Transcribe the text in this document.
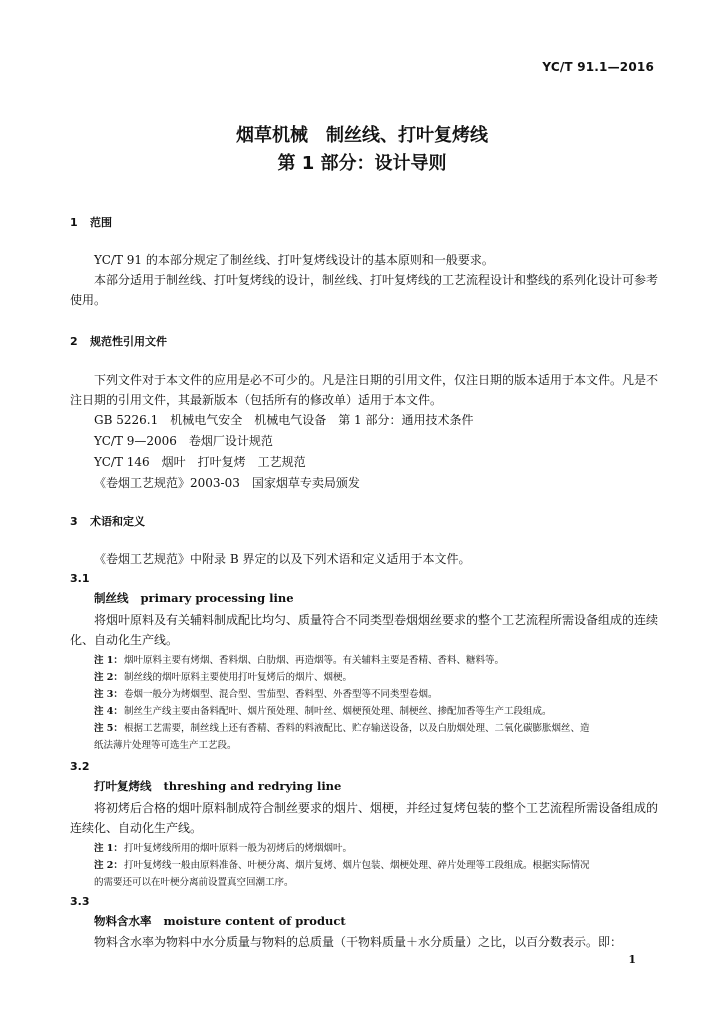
YC/T 91.1—2016
烟草机械　制丝线、打叶复烤线
第 1 部分：设计导则
1 范围
YC/T 91 的本部分规定了制丝线、打叶复烤线设计的基本原则和一般要求。
本部分适用于制丝线、打叶复烤线的设计，制丝线、打叶复烤线的工艺流程设计和整线的系列化设计可参考使用。
2 规范性引用文件
下列文件对于本文件的应用是必不可少的。凡是注日期的引用文件，仅注日期的版本适用于本文件。凡是不注日期的引用文件，其最新版本（包括所有的修改单）适用于本文件。
GB 5226.1　机械电气安全　机械电气设备　第 1 部分：通用技术条件
YC/T 9—2006　卷烟厂设计规范
YC/T 146　烟叶　打叶复烤　工艺规范
《卷烟工艺规范》2003-03　国家烟草专卖局颁发
3 术语和定义
《卷烟工艺规范》中附录 B 界定的以及下列术语和定义适用于本文件。
3.1
制丝线 primary processing line
将烟叶原料及有关辅料制成配比均匀、质量符合不同类型卷烟烟丝要求的整个工艺流程所需设备组成的连续化、自动化生产线。
注 1：烟叶原料主要有烤烟、香料烟、白肋烟、再造烟等。有关辅料主要是香精、香料、糖料等。
注 2：制丝线的烟叶原料主要使用打叶复烤后的烟片、烟梗。
注 3：卷烟一般分为烤烟型、混合型、雪茄型、香料型、外香型等不同类型卷烟。
注 4：制丝生产线主要由备料配叶、烟片预处理、制叶丝、烟梗预处理、制梗丝、掺配加香等生产工段组成。
注 5：根据工艺需要，制丝线上还有香精、香料的料液配比、贮存输送设备，以及白肋烟处理、二氧化碳膨胀烟丝、造
纸法薄片处理等可选生产工艺段。
3.2
打叶复烤线 threshing and redrying line
将初烤后合格的烟叶原料制成符合制丝要求的烟片、烟梗，并经过复烤包装的整个工艺流程所需设备组成的连续化、自动化生产线。
注 1：打叶复烤线所用的烟叶原料一般为初烤后的烤烟烟叶。
注 2：打叶复烤线一般由原料准备、叶梗分离、烟片复烤、烟片包装、烟梗处理、碎片处理等工段组成。根据实际情况
的需要还可以在叶梗分离前设置真空回潮工序。
3.3
物料含水率 moisture content of product
物料含水率为物料中水分质量与物料的总质量（干物料质量＋水分质量）之比，以百分数表示。即：
1
